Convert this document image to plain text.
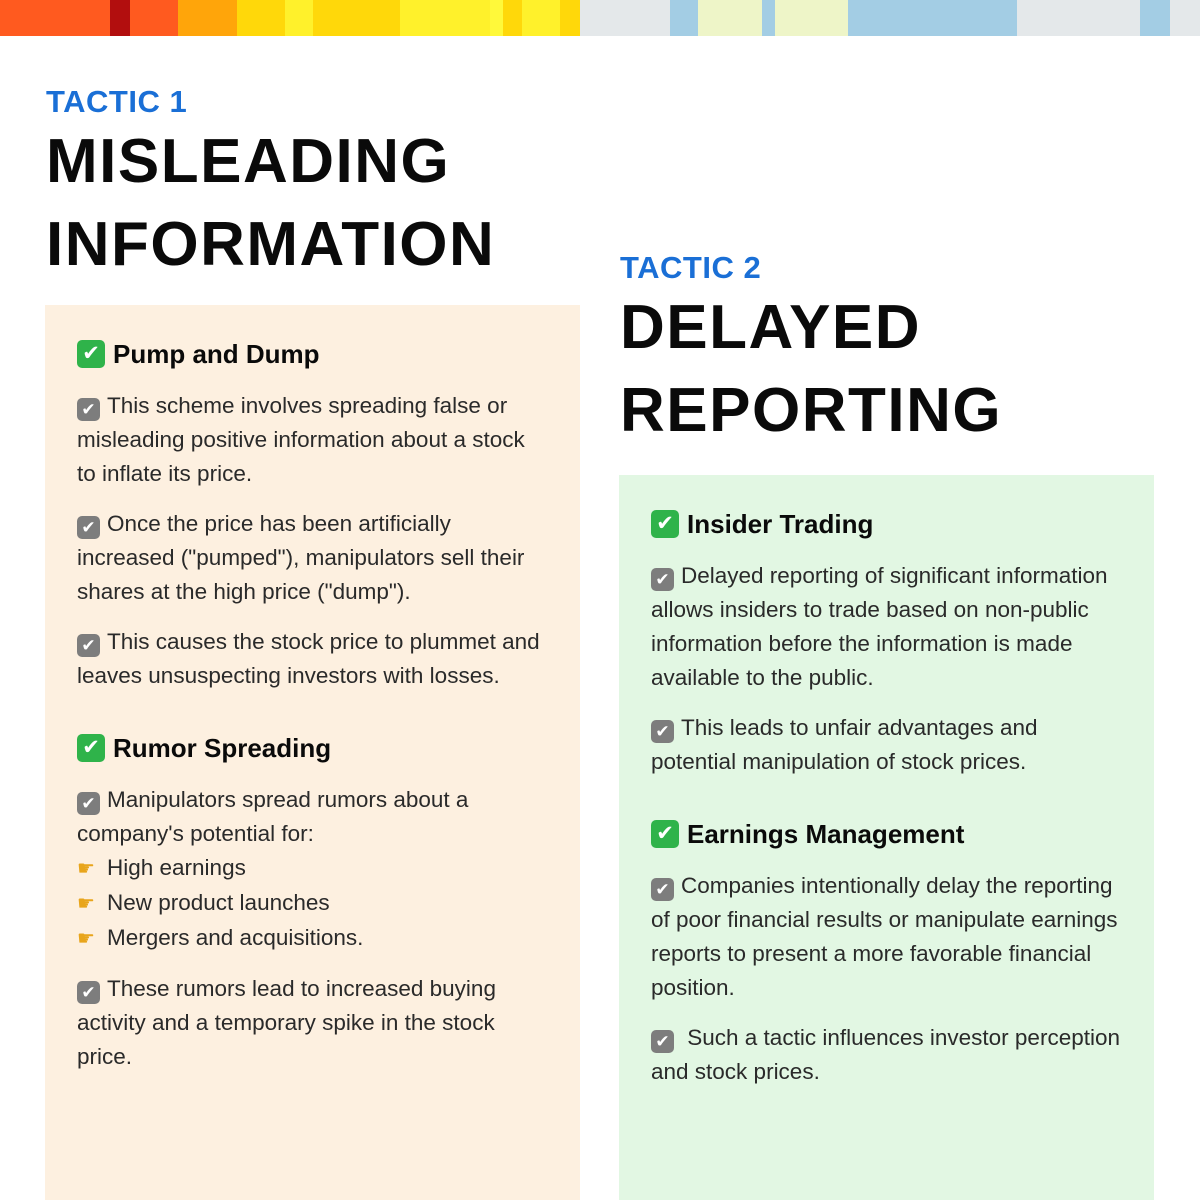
TACTIC 1
MISLEADING
INFORMATION
✔ Pump and Dump

✔ This scheme involves spreading false or misleading positive information about a stock to inflate its price.

✔ Once the price has been artificially increased ("pumped"), manipulators sell their shares at the high price ("dump").

✔ This causes the stock price to plummet and leaves unsuspecting investors with losses.

✔ Rumor Spreading

✔ Manipulators spread rumors about a company's potential for:
☛ High earnings
☛ New product launches
☛ Mergers and acquisitions.

✔ These rumors lead to increased buying activity and a temporary spike in the stock price.

TACTIC 2
DELAYED
REPORTING
✔ Insider Trading

✔ Delayed reporting of significant information allows insiders to trade based on non-public information before the information is made available to the public.

✔ This leads to unfair advantages and potential manipulation of stock prices.

✔ Earnings Management

✔ Companies intentionally delay the reporting of poor financial results or manipulate earnings reports to present a more favorable financial position.

✔ Such a tactic influences investor perception and stock prices.
